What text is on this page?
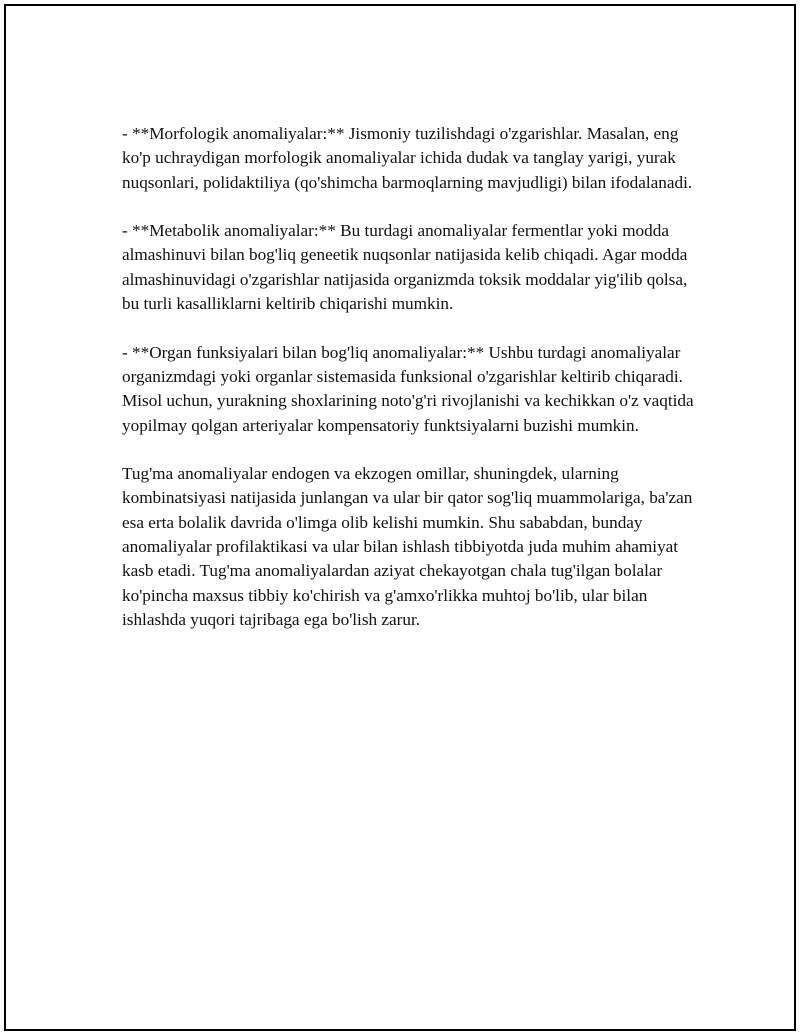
- **Morfologik anomaliyalar:** Jismoniy tuzilishdagi o'zgarishlar. Masalan, eng ko'p uchraydigan morfologik anomaliyalar ichida dudak va tanglay yarigi, yurak nuqsonlari, polidaktiliya (qo'shimcha barmoqlarning mavjudligi) bilan ifodalanadi.

- **Metabolik anomaliyalar:** Bu turdagi anomaliyalar fermentlar yoki modda almashinuvi bilan bog'liq geneetik nuqsonlar natijasida kelib chiqadi. Agar modda almashinuvidagi o'zgarishlar natijasida organizmda toksik moddalar yig'ilib qolsa, bu turli kasalliklarni keltirib chiqarishi mumkin.

- **Organ funksiyalari bilan bog'liq anomaliyalar:** Ushbu turdagi anomaliyalar organizmdagi yoki organlar sistemasida funksional o'zgarishlar keltirib chiqaradi. Misol uchun, yurakning shoxlarining noto'g'ri rivojlanishi va kechikkan o'z vaqtida yopilmay qolgan arteriyalar kompensatoriy funktsiyalarni buzishi mumkin.

Tug'ma anomaliyalar endogen va ekzogen omillar, shuningdek, ularning kombinatsiyasi natijasida junlangan va ular bir qator sog'liq muammolariga, ba'zan esa erta bolalik davrida o'limga olib kelishi mumkin. Shu sababdan, bunday anomaliyalar profilaktikasi va ular bilan ishlash tibbiyotda juda muhim ahamiyat kasb etadi. Tug'ma anomaliyalardan aziyat chekayotgan chala tug'ilgan bolalar ko'pincha maxsus tibbiy ko'chirish va g'amxo'rlikka muhtoj bo'lib, ular bilan ishlashda yuqori tajribaga ega bo'lish zarur.
